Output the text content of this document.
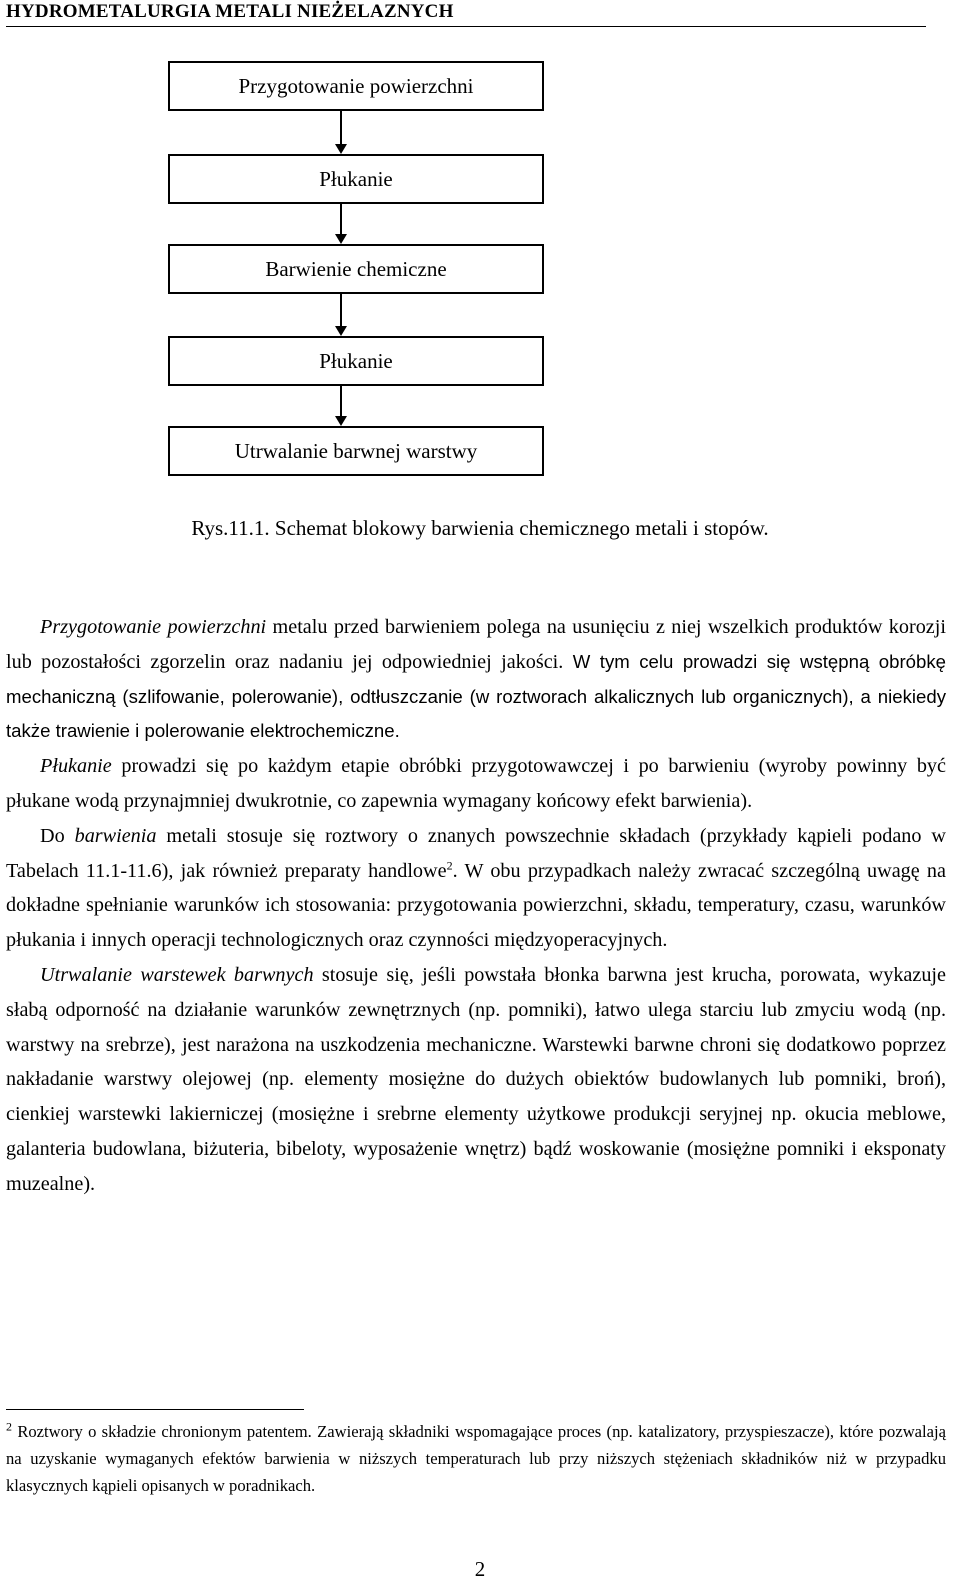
HYDROMETALURGIA METALI NIEŻELAZNYCH
Przygotowanie powierzchni
Płukanie
Barwienie chemiczne
Płukanie
Utrwalanie barwnej warstwy
Rys.11.1. Schemat blokowy barwienia chemicznego metali i stopów.

Przygotowanie powierzchni metalu przed barwieniem polega na usunięciu z niej wszelkich produktów korozji lub pozostałości zgorzelin oraz nadaniu jej odpowiedniej jakości. W tym celu prowadzi się wstępną obróbkę mechaniczną (szlifowanie, polerowanie), odtłuszczanie (w roztworach alkalicznych lub organicznych), a niekiedy także trawienie i polerowanie elektrochemiczne.

Płukanie prowadzi się po każdym etapie obróbki przygotowawczej i po barwieniu (wyroby powinny być płukane wodą przynajmniej dwukrotnie, co zapewnia wymagany końcowy efekt barwienia).

Do barwienia metali stosuje się roztwory o znanych powszechnie składach (przykłady kąpieli podano w Tabelach 11.1-11.6), jak również preparaty handlowe$^2$. W obu przypadkach należy zwracać szczególną uwagę na dokładne spełnianie warunków ich stosowania: przygotowania powierzchni, składu, temperatury, czasu, warunków płukania i innych operacji technologicznych oraz czynności międzyoperacyjnych.

Utrwalanie warstewek barwnych stosuje się, jeśli powstała błonka barwna jest krucha, porowata, wykazuje słabą odporność na działanie warunków zewnętrznych (np. pomniki), łatwo ulega starciu lub zmyciu wodą (np. warstwy na srebrze), jest narażona na uszkodzenia mechaniczne. Warstewki barwne chroni się dodatkowo poprzez nakładanie warstwy olejowej (np. elementy mosiężne do dużych obiektów budowlanych lub pomniki, broń), cienkiej warstewki lakierniczej (mosiężne i srebrne elementy użytkowe produkcji seryjnej np. okucia meblowe, galanteria budowlana, biżuteria, bibeloty, wyposażenie wnętrz) bądź woskowanie (mosiężne pomniki i eksponaty muzealne).

$^2$ Roztwory o składzie chronionym patentem. Zawierają składniki wspomagające proces (np. katalizatory, przyspieszacze), które pozwalają na uzyskanie wymaganych efektów barwienia w niższych temperaturach lub przy niższych stężeniach składników niż w przypadku klasycznych kąpieli opisanych w poradnikach.

2
